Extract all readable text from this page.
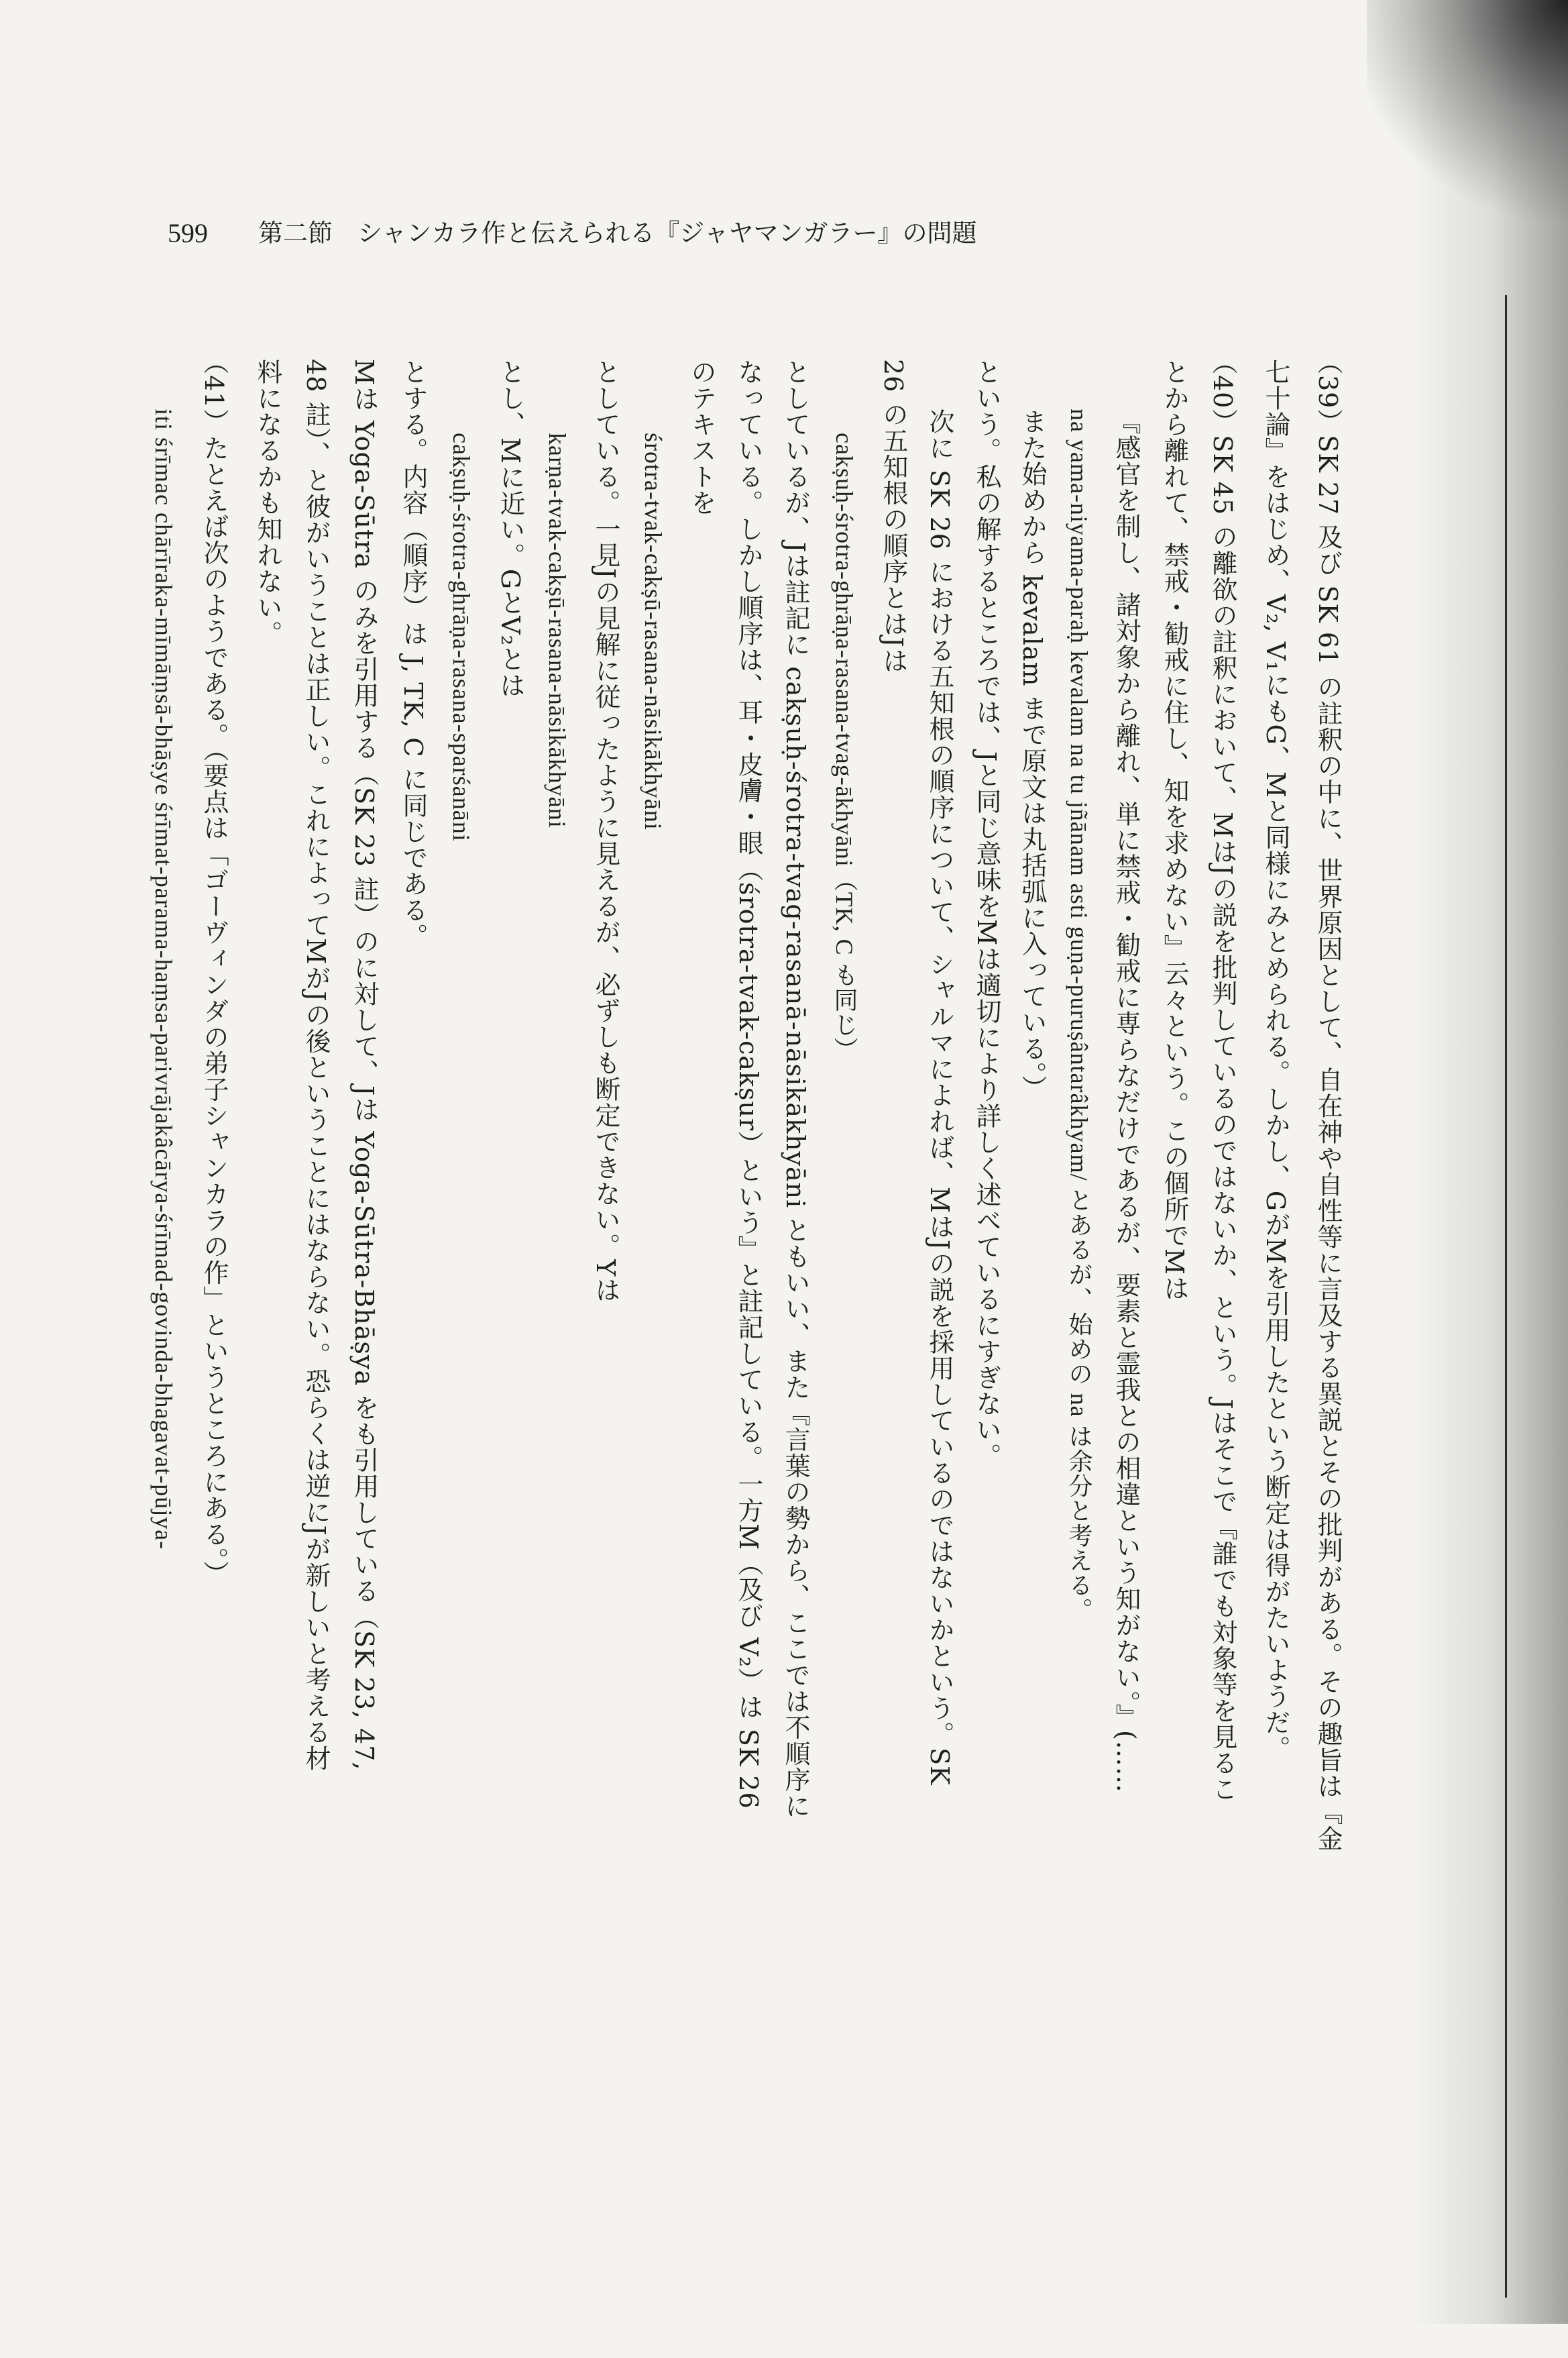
599 第二節　シャンカラ作と伝えられる『ジャヤマンガラー』の問題
（39）SK 27 及び SK 61 の註釈の中に、世界原因として、自在神や自性等に言及する異説とその批判がある。その趣旨は『金
七十論』をはじめ、V₂, V₁にもG、Mと同様にみとめられる。しかし、GがMを引用したという断定は得がたいようだ。
（40）SK 45 の離欲の註釈において、MはJの説を批判しているのではないか、という。Jはそこで『誰でも対象等を見るこ
とから離れて、禁戒・勧戒に住し、知を求めない』云々という。この個所でMは
『感官を制し、諸対象から離れ、単に禁戒・勧戒に専らなだけであるが、要素と霊我との相違という知がない。』(……
na yama-niyama-paraḥ kevalam na tu jñānam asti guṇa-puruṣântarâkhyam/ とあるが、始めの na は余分と考える。
また始めから kevalam まで原文は丸括弧に入っている。）
という。私の解するところでは、Jと同じ意味をMは適切により詳しく述べているにすぎない。
次に SK 26 における五知根の順序について、シャルマによれば、MはJの説を採用しているのではないかという。SK
26 の五知根の順序とはJは
cakṣuḥ-śrotra-ghrāṇa-rasana-tvag-ākhyāni（TK, C も同じ）
としているが、Jは註記に cakṣuḥ-śrotra-tvag-rasanā-nāsikākhyāni ともいい、また『言葉の勢から、ここでは不順序に
なっている。しかし順序は、耳・皮膚・眼（śrotra-tvak-cakṣur）という』と註記している。一方M（及び V₂）は SK 26
のテキストを
śrotra-tvak-cakṣū-rasana-nāsikākhyāni
としている。一見Jの見解に従ったように見えるが、必ずしも断定できない。Yは
karṇa-tvak-cakṣū-rasana-nāsikākhyāni
とし、Mに近い。GとV₂とは
cakṣuḥ-śrotra-ghrāṇa-rasana-sparśanāni
とする。内容（順序）は J, TK, C に同じである。
Mは Yoga-Sūtra のみを引用する（SK 23 註）のに対して、Jは Yoga-Sūtra-Bhāṣya をも引用している（SK 23, 47,
48 註）、と彼がいうことは正しい。これによってMがJの後ということにはならない。恐らくは逆にJが新しいと考える材
料になるかも知れない。
（41）たとえば次のようである。（要点は「ゴーヴィンダの弟子シャンカラの作」というところにある。）
iti śrīmac chārīraka-mīmāṃsā-bhāṣye śrīmat-parama-haṃsa-parivrājakâcārya-śrīmad-govinda-bhagavat-pūjya-
